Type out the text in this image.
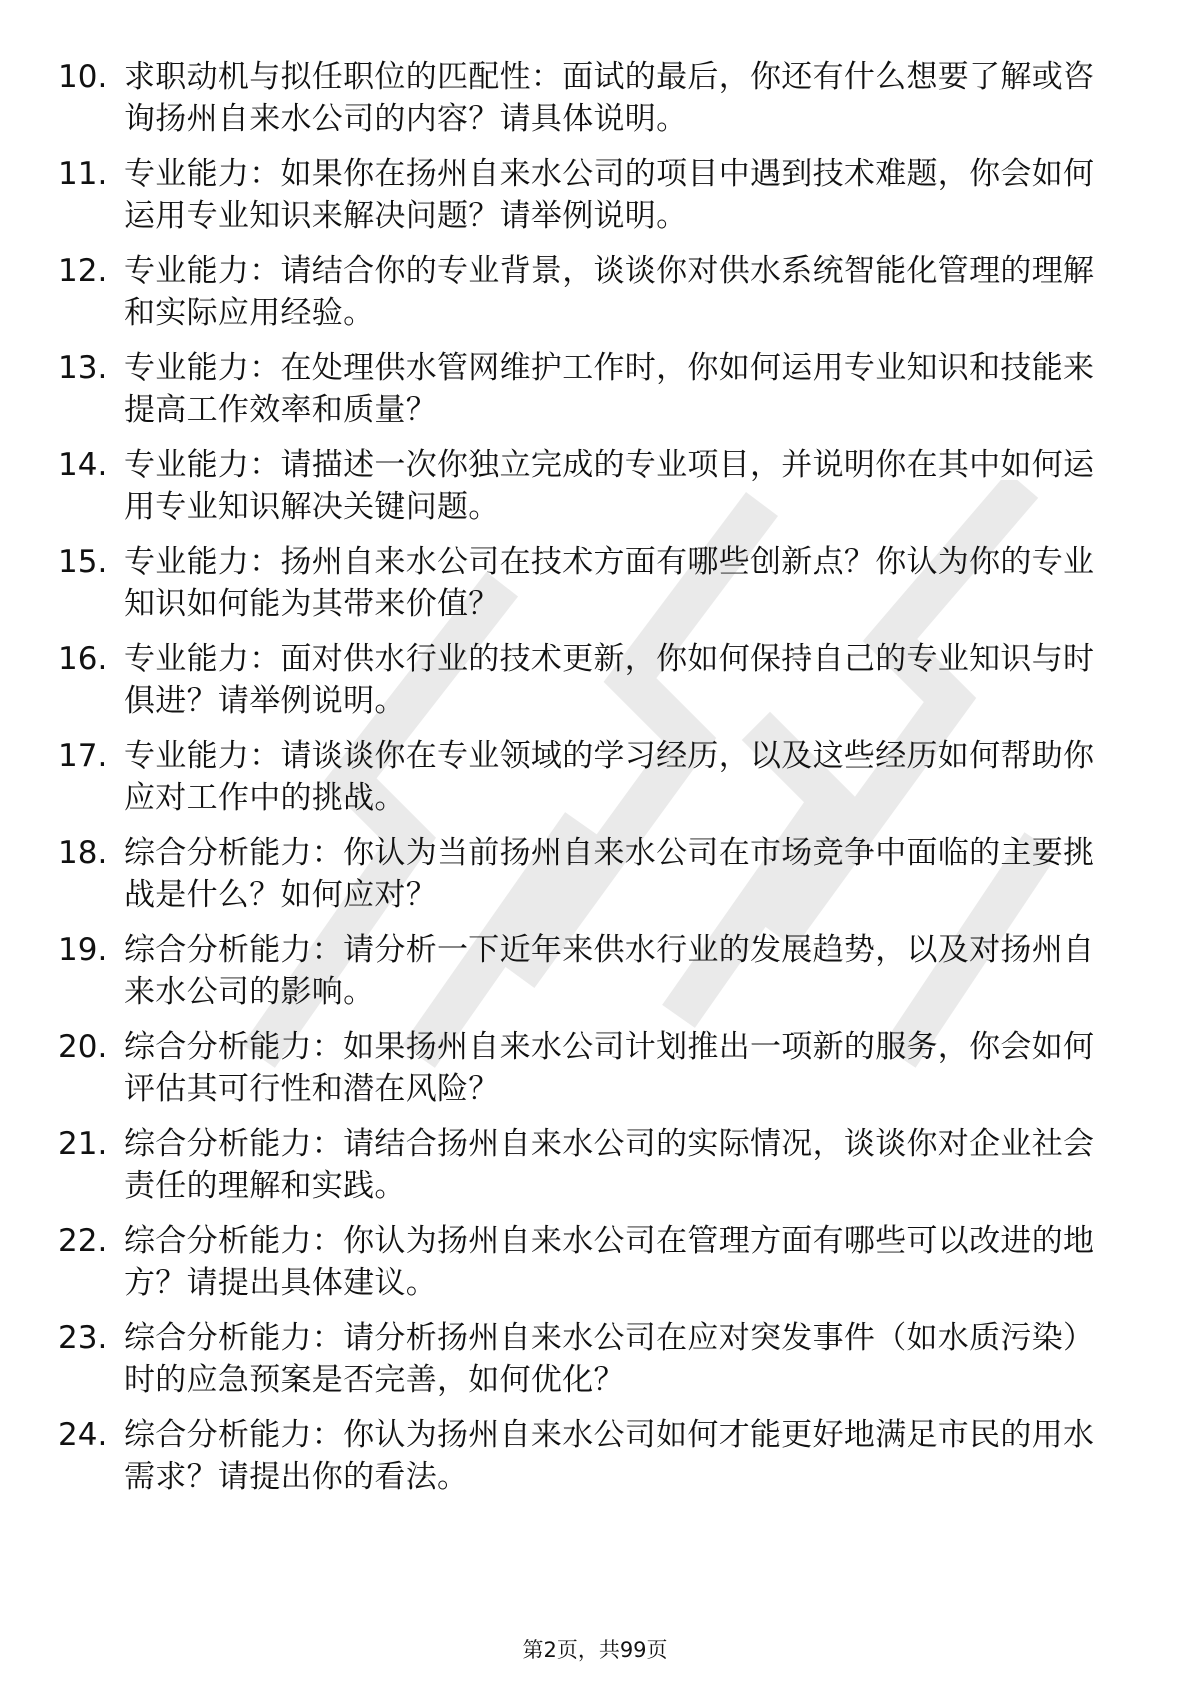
10. 求职动机与拟任职位的匹配性：面试的最后，你还有什么想要了解或咨询扬州自来水公司的内容？请具体说明。
11. 专业能力：如果你在扬州自来水公司的项目中遇到技术难题，你会如何运用专业知识来解决问题？请举例说明。
12. 专业能力：请结合你的专业背景，谈谈你对供水系统智能化管理的理解和实际应用经验。
13. 专业能力：在处理供水管网维护工作时，你如何运用专业知识和技能来提高工作效率和质量？
14. 专业能力：请描述一次你独立完成的专业项目，并说明你在其中如何运用专业知识解决关键问题。
15. 专业能力：扬州自来水公司在技术方面有哪些创新点？你认为你的专业知识如何能为其带来价值？
16. 专业能力：面对供水行业的技术更新，你如何保持自己的专业知识与时俱进？请举例说明。
17. 专业能力：请谈谈你在专业领域的学习经历，以及这些经历如何帮助你应对工作中的挑战。
18. 综合分析能力：你认为当前扬州自来水公司在市场竞争中面临的主要挑战是什么？如何应对？
19. 综合分析能力：请分析一下近年来供水行业的发展趋势，以及对扬州自来水公司的影响。
20. 综合分析能力：如果扬州自来水公司计划推出一项新的服务，你会如何评估其可行性和潜在风险？
21. 综合分析能力：请结合扬州自来水公司的实际情况，谈谈你对企业社会责任的理解和实践。
22. 综合分析能力：你认为扬州自来水公司在管理方面有哪些可以改进的地方？请提出具体建议。
23. 综合分析能力：请分析扬州自来水公司在应对突发事件（如水质污染）时的应急预案是否完善，如何优化？
24. 综合分析能力：你认为扬州自来水公司如何才能更好地满足市民的用水需求？请提出你的看法。
第2页，共99页
